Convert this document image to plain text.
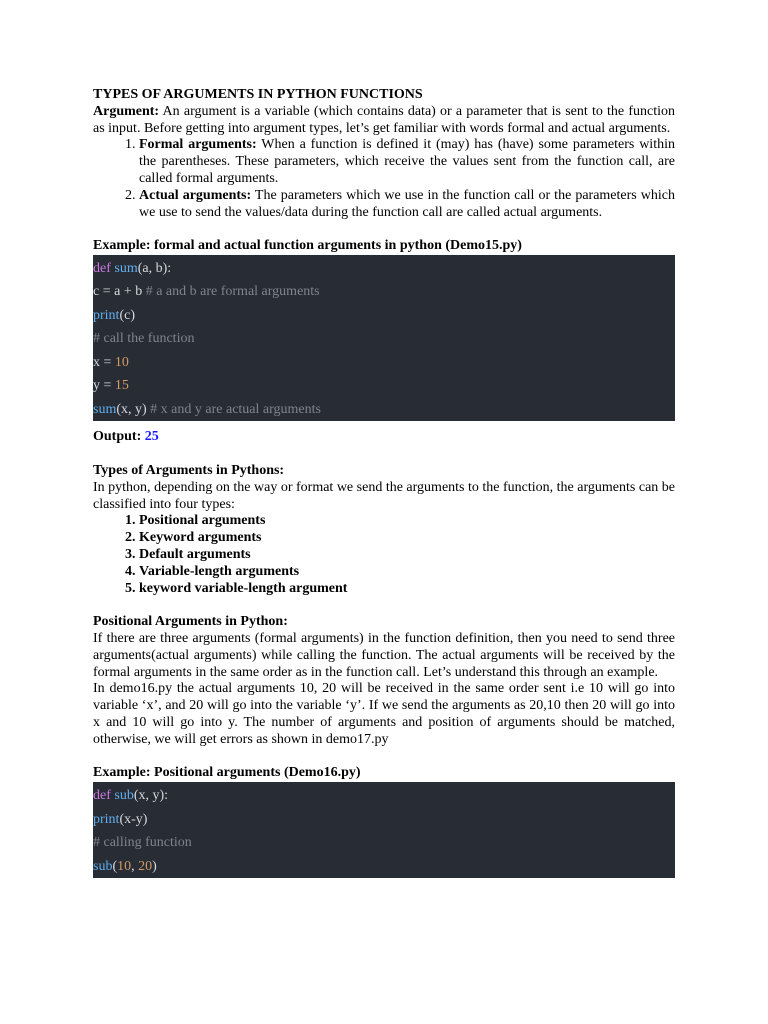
TYPES OF ARGUMENTS IN PYTHON FUNCTIONS

Argument: An argument is a variable (which contains data) or a parameter that is sent to the function as input. Before getting into argument types, let’s get familiar with words formal and actual arguments.

1. Formal arguments: When a function is defined it (may) has (have) some parameters within the parentheses. These parameters, which receive the values sent from the function call, are called formal arguments.
2. Actual arguments: The parameters which we use in the function call or the parameters which we use to send the values/data during the function call are called actual arguments.

Example: formal and actual function arguments in python (Demo15.py)

def sum(a, b):
c = a + b # a and b are formal arguments
print(c)
# call the function
x = 10
y = 15
sum(x, y) # x and y are actual arguments

Output: 25

Types of Arguments in Pythons:

In python, depending on the way or format we send the arguments to the function, the arguments can be classified into four types:

1. Positional arguments
2. Keyword arguments
3. Default arguments
4. Variable-length arguments
5. keyword variable-length argument

Positional Arguments in Python:

If there are three arguments (formal arguments) in the function definition, then you need to send three arguments(actual arguments) while calling the function. The actual arguments will be received by the formal arguments in the same order as in the function call. Let’s understand this through an example.

In demo16.py the actual arguments 10, 20 will be received in the same order sent i.e 10 will go into variable ‘x’, and 20 will go into the variable ‘y’. If we send the arguments as 20,10 then 20 will go into x and 10 will go into y. The number of arguments and position of arguments should be matched, otherwise, we will get errors as shown in demo17.py

Example: Positional arguments (Demo16.py)

def sub(x, y):
print(x-y)
# calling function
sub(10, 20)
